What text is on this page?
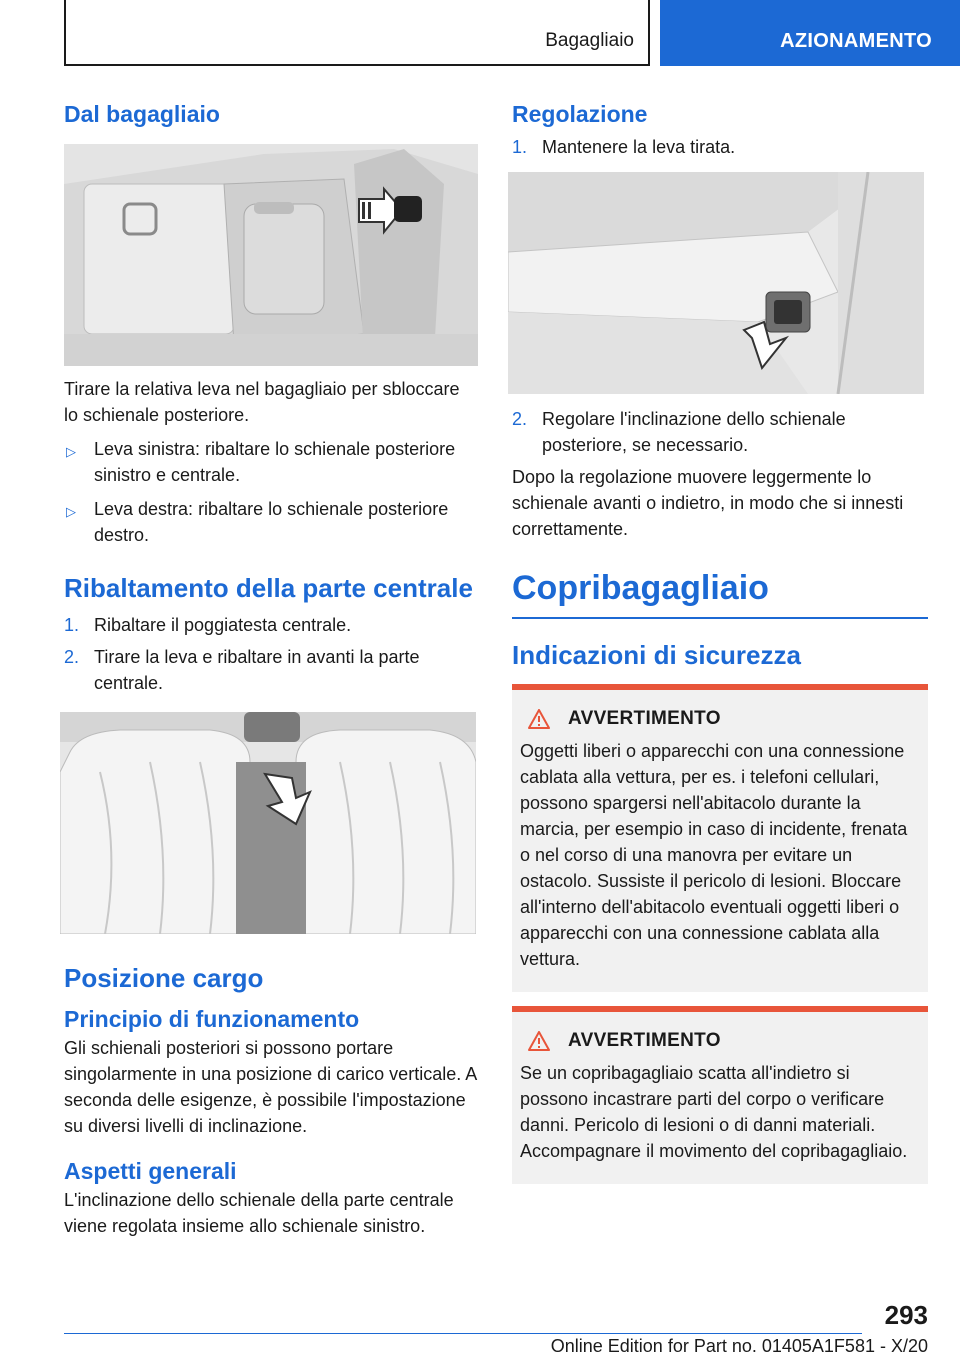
Bagagliaio	AZIONAMENTO
Dal bagagliaio

Tirare la relativa leva nel bagagliaio per sbloccare lo schienale posteriore.

▷ Leva sinistra: ribaltare lo schienale posteriore sinistro e centrale.
▷ Leva destra: ribaltare lo schienale posteriore destro.
Ribaltamento della parte centrale
1. Ribaltare il poggiatesta centrale.
2. Tirare la leva e ribaltare in avanti la parte centrale.
Posizione cargo
Principio di funzionamento

Gli schienali posteriori si possono portare singolarmente in una posizione di carico verticale. A seconda delle esigenze, è possibile l'impostazione su diversi livelli di inclinazione.

Aspetti generali

L'inclinazione dello schienale della parte centrale viene regolata insieme allo schienale sinistro.

Regolazione
1. Mantenere la leva tirata.
2. Regolare l'inclinazione dello schienale posteriore, se necessario.

Dopo la regolazione muovere leggermente lo schienale avanti o indietro, in modo che si innesti correttamente.

Copribagagliaio
Indicazioni di sicurezza
AVVERTIMENTO

Oggetti liberi o apparecchi con una connessione cablata alla vettura, per es. i telefoni cellulari, possono spargersi nell'abitacolo durante la marcia, per esempio in caso di incidente, frenata o nel corso di una manovra per evitare un ostacolo. Sussiste il pericolo di lesioni. Bloccare all'interno dell'abitacolo eventuali oggetti liberi o apparecchi con una connessione cablata alla vettura.

AVVERTIMENTO

Se un copribagagliaio scatta all'indietro si possono incastrare parti del corpo o verificare danni. Pericolo di lesioni o di danni materiali. Accompagnare il movimento del copribagagliaio.

293
Online Edition for Part no. 01405A1F581 - X/20
